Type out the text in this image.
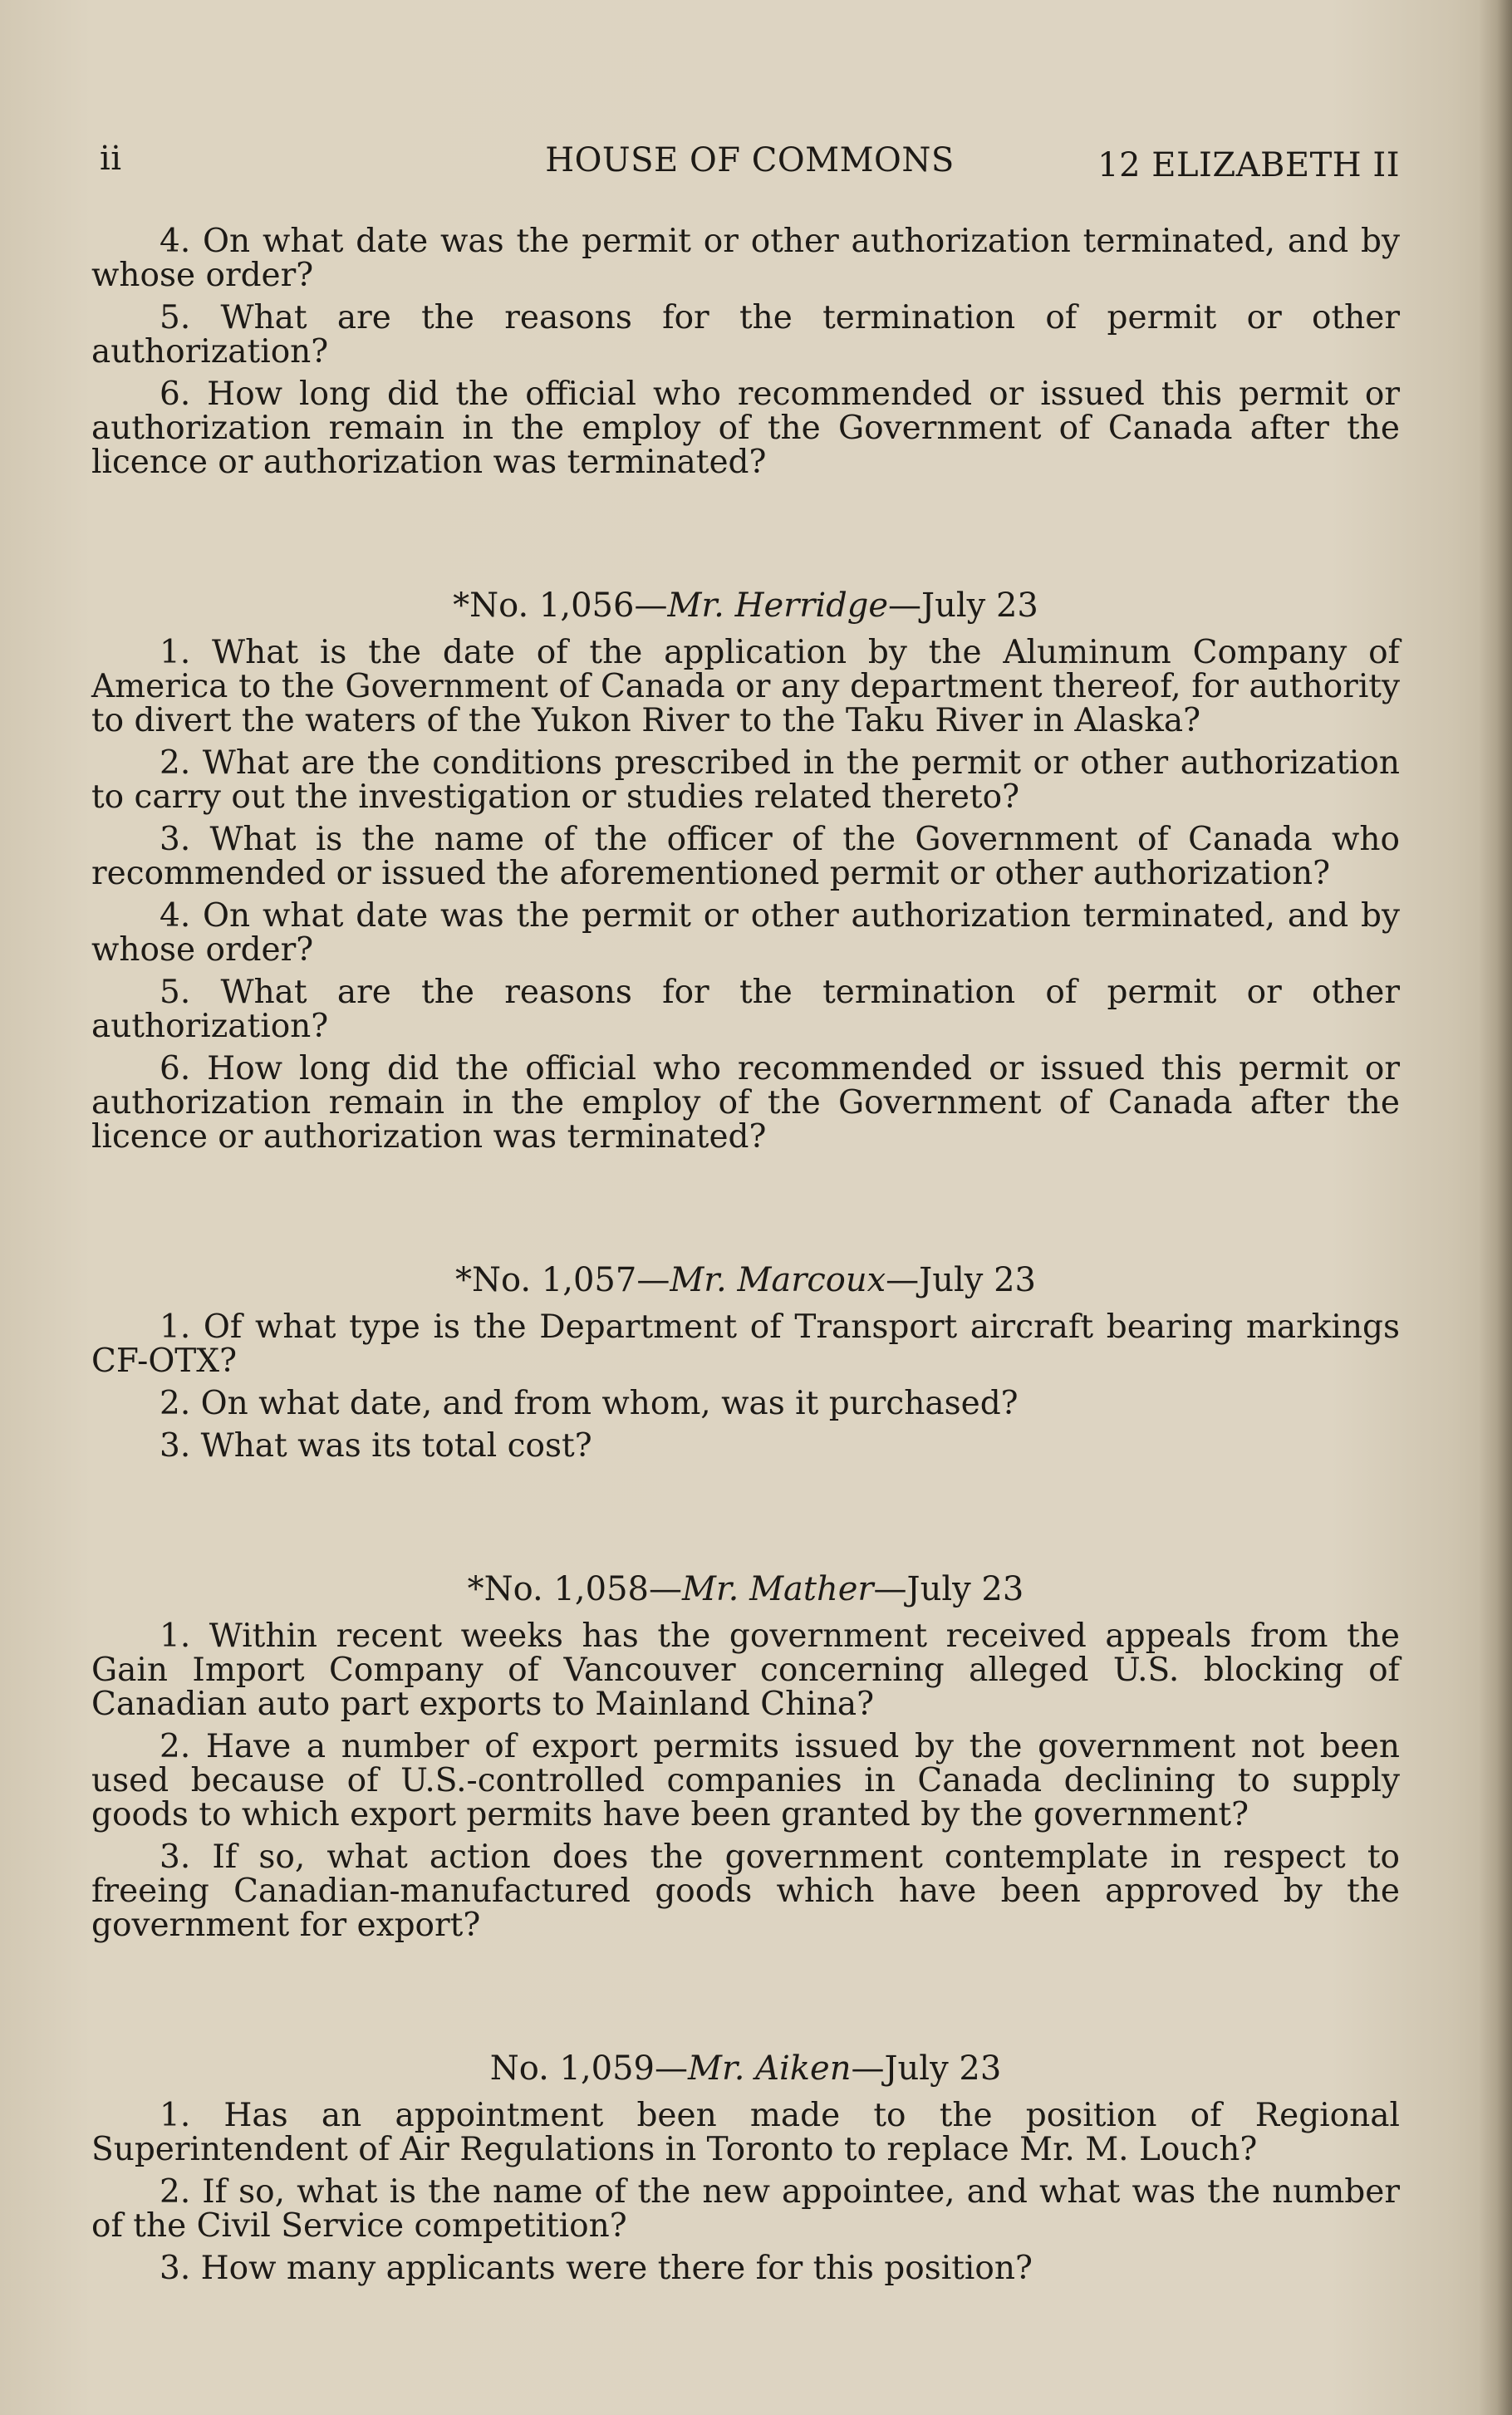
ii	HOUSE OF COMMONS	12 ELIZABETH II

4. On what date was the permit or other authorization terminated, and by whose order?

5. What are the reasons for the termination of permit or other authorization?

6. How long did the official who recommended or issued this permit or authorization remain in the employ of the Government of Canada after the licence or authorization was terminated?

*No. 1,056—Mr. Herridge—July 23

1. What is the date of the application by the Aluminum Company of America to the Government of Canada or any department thereof, for authority to divert the waters of the Yukon River to the Taku River in Alaska?

2. What are the conditions prescribed in the permit or other authorization to carry out the investigation or studies related thereto?

3. What is the name of the officer of the Government of Canada who recommended or issued the aforementioned permit or other authorization?

4. On what date was the permit or other authorization terminated, and by whose order?

5. What are the reasons for the termination of permit or other authorization?

6. How long did the official who recommended or issued this permit or authorization remain in the employ of the Government of Canada after the licence or authorization was terminated?

*No. 1,057—Mr. Marcoux—July 23

1. Of what type is the Department of Transport aircraft bearing markings CF-OTX?

2. On what date, and from whom, was it purchased?

3. What was its total cost?

*No. 1,058—Mr. Mather—July 23

1. Within recent weeks has the government received appeals from the Gain Import Company of Vancouver concerning alleged U.S. blocking of Canadian auto part exports to Mainland China?

2. Have a number of export permits issued by the government not been used because of U.S.-controlled companies in Canada declining to supply goods to which export permits have been granted by the government?

3. If so, what action does the government contemplate in respect to freeing Canadian-manufactured goods which have been approved by the government for export?

No. 1,059—Mr. Aiken—July 23

1. Has an appointment been made to the position of Regional Superintendent of Air Regulations in Toronto to replace Mr. M. Louch?

2. If so, what is the name of the new appointee, and what was the number of the Civil Service competition?

3. How many applicants were there for this position?
